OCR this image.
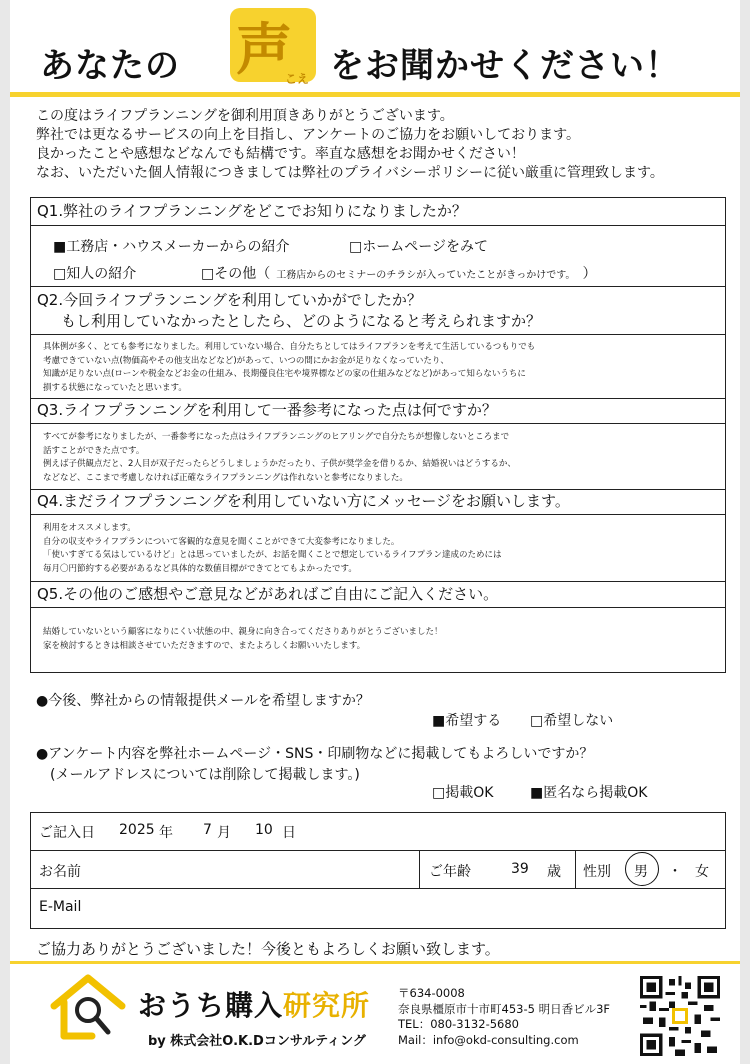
あなたの 声
こえ をお聞かせください！
この度はライフプランニングを御利用頂きありがとうございます。
弊社では更なるサービスの向上を目指し、アンケートのご協力をお願いしております。
良かったことや感想などなんでも結構です。率直な感想をお聞かせください！
なお、いただいた個人情報につきましては弊社のプライバシーポリシーに従い厳重に管理致します。
Q1.弊社のライフプランニングをどこでお知りになりましたか？
■工務店・ハウスメーカーからの紹介	□ホームページをみて
□知人の紹介	□その他（ 工務店からのセミナーのチラシが入っていたことがきっかけです。 ）
Q2.今回ライフプランニングを利用していかがでしたか？
もし利用していなかったとしたら、どのようになると考えられますか？
具体例が多く、とても参考になりました。利用していない場合、自分たちとしてはライフプランを考えて生活しているつもりでも
考慮できていない点(物価高やその他支出などなど)があって、いつの間にかお金が足りなくなっていたり、
知識が足りない点(ローンや税金などお金の仕組み、長期優良住宅や境界標などの家の仕組みなどなど)があって知らないうちに
損する状態になっていたと思います。
Q3.ライフプランニングを利用して一番参考になった点は何ですか？
すべてが参考になりましたが、一番参考になった点はライフプランニングのヒアリングで自分たちが想像しないところまで
話すことができた点です。
例えば子供観点だと、2人目が双子だったらどうしましょうかだったり、子供が奨学金を借りるか、結婚祝いはどうするか、
などなど、ここまで考慮しなければ正確なライフプランニングは作れないと参考になりました。
Q4.まだライフプランニングを利用していない方にメッセージをお願いします。
利用をオススメします。
自分の収支やライフプランについて客観的な意見を聞くことができて大変参考になりました。
「使いすぎてる気はしているけど」とは思っていましたが、お話を聞くことで想定しているライフプラン達成のためには
毎月〇円節約する必要があるなど具体的な数値目標ができてとてもよかったです。
Q5.その他のご感想やご意見などがあればご自由にご記入ください。
結婚していないという顧客になりにくい状態の中、親身に向き合ってくださりありがとうございました！
家を検討するときは相談させていただきますので、またよろしくお願いいたします。
●今後、弊社からの情報提供メールを希望しますか？
■希望する □希望しない
●アンケート内容を弊社ホームページ・SNS・印刷物などに掲載してもよろしいですか？
(メールアドレスについては削除して掲載します。)
□掲載OK	■匿名なら掲載OK
ご記入日 2025 年 7 月 10 日
お名前	ご年齢	39 歳 性別 男 ・ 女
E-Mail
ご協力ありがとうございました！今後ともよろしくお願い致します。
おうち購入研究所
by 株式会社O.K.Dコンサルティング
〒634-0008
奈良県橿原市十市町453-5 明日香ビル3F
TEL：080-3132-5680
Mail：info@okd-consulting.com
